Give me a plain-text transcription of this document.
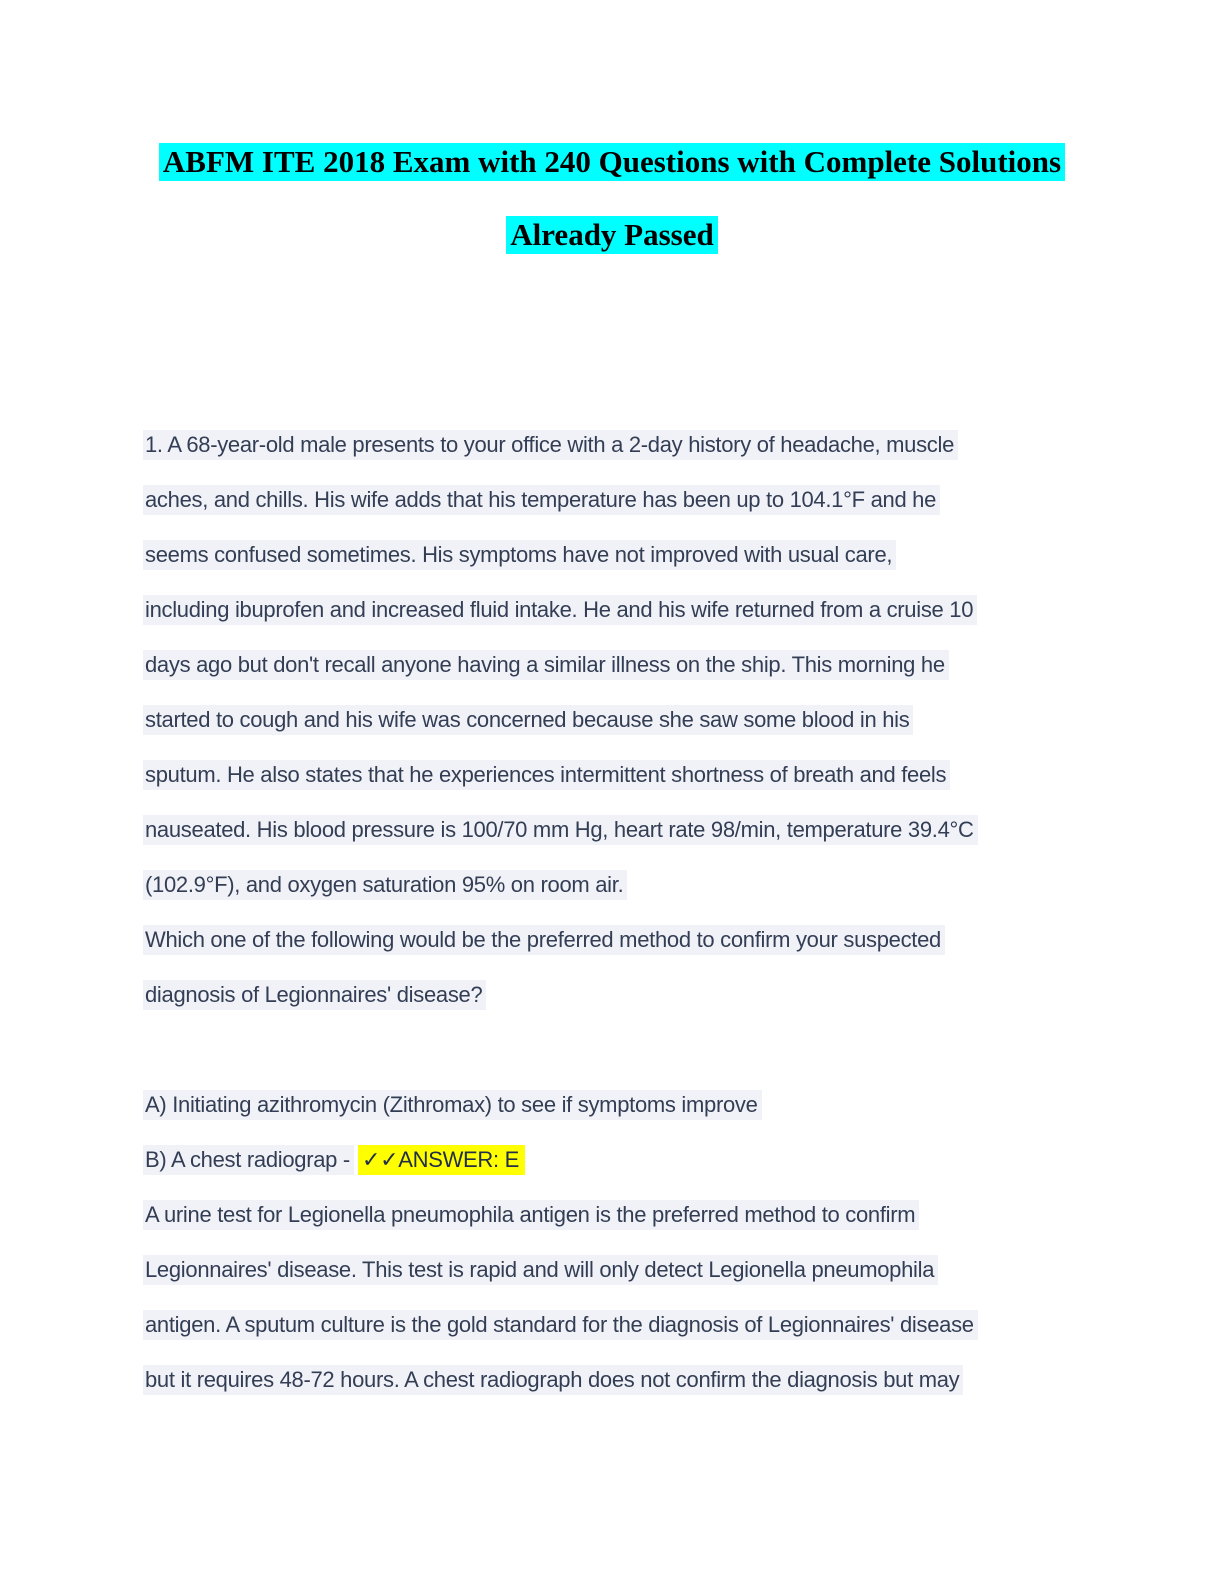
ABFM ITE 2018 Exam with 240 Questions with Complete Solutions
Already Passed
1. A 68-year-old male presents to your office with a 2-day history of headache, muscle
aches, and chills. His wife adds that his temperature has been up to 104.1°F and he
seems confused sometimes. His symptoms have not improved with usual care,
including ibuprofen and increased fluid intake. He and his wife returned from a cruise 10
days ago but don't recall anyone having a similar illness on the ship. This morning he
started to cough and his wife was concerned because she saw some blood in his
sputum. He also states that he experiences intermittent shortness of breath and feels
nauseated. His blood pressure is 100/70 mm Hg, heart rate 98/min, temperature 39.4°C
(102.9°F), and oxygen saturation 95% on room air.
Which one of the following would be the preferred method to confirm your suspected
diagnosis of Legionnaires' disease?
A) Initiating azithromycin (Zithromax) to see if symptoms improve
B) A chest radiograp - ✓✓ANSWER: E
A urine test for Legionella pneumophila antigen is the preferred method to confirm
Legionnaires' disease. This test is rapid and will only detect Legionella pneumophila
antigen. A sputum culture is the gold standard for the diagnosis of Legionnaires' disease
but it requires 48-72 hours. A chest radiograph does not confirm the diagnosis but may
